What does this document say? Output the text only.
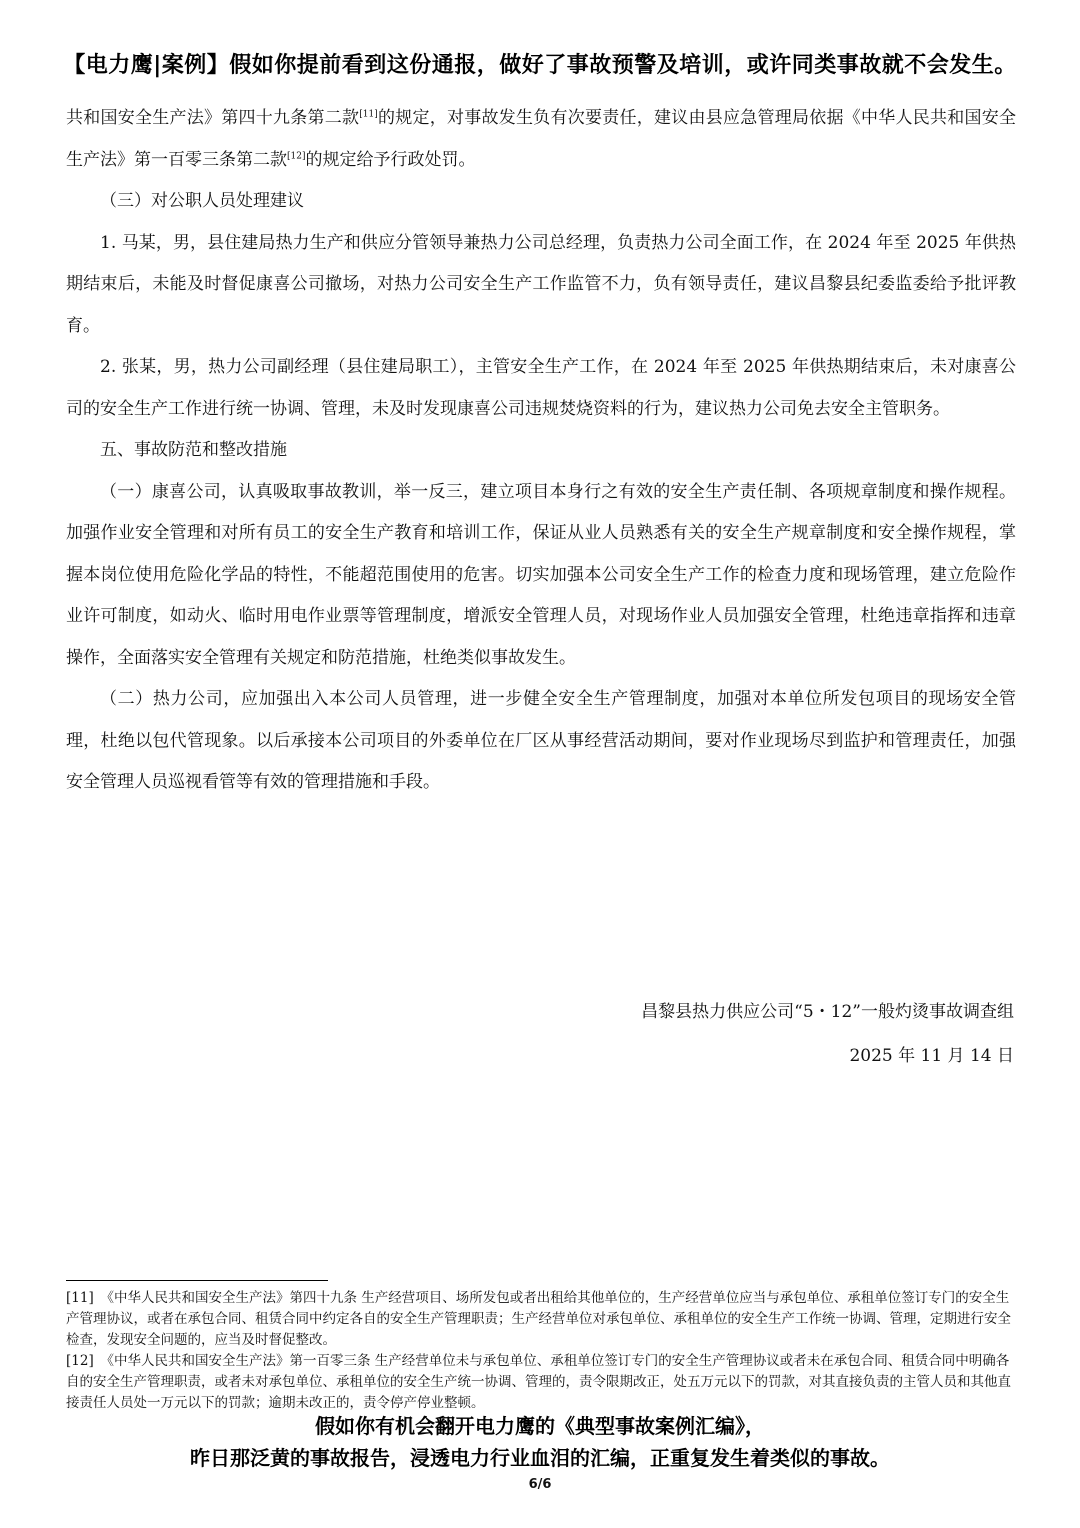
【电力鹰|案例】假如你提前看到这份通报，做好了事故预警及培训，或许同类事故就不会发生。

共和国安全生产法》第四十九条第二款[11]的规定，对事故发生负有次要责任，建议由县应急管理局依据《中华人民共和国安全生产法》第一百零三条第二款[12]的规定给予行政处罚。

（三）对公职人员处理建议

1. 马某，男，县住建局热力生产和供应分管领导兼热力公司总经理，负责热力公司全面工作，在 2024 年至 2025 年供热期结束后，未能及时督促康喜公司撤场，对热力公司安全生产工作监管不力，负有领导责任，建议昌黎县纪委监委给予批评教育。

2. 张某，男，热力公司副经理（县住建局职工），主管安全生产工作，在 2024 年至 2025 年供热期结束后，未对康喜公司的安全生产工作进行统一协调、管理，未及时发现康喜公司违规焚烧资料的行为，建议热力公司免去安全主管职务。

五、事故防范和整改措施

（一）康喜公司，认真吸取事故教训，举一反三，建立项目本身行之有效的安全生产责任制、各项规章制度和操作规程。加强作业安全管理和对所有员工的安全生产教育和培训工作，保证从业人员熟悉有关的安全生产规章制度和安全操作规程，掌握本岗位使用危险化学品的特性，不能超范围使用的危害。切实加强本公司安全生产工作的检查力度和现场管理，建立危险作业许可制度，如动火、临时用电作业票等管理制度，增派安全管理人员，对现场作业人员加强安全管理，杜绝违章指挥和违章操作，全面落实安全管理有关规定和防范措施，杜绝类似事故发生。

（二）热力公司，应加强出入本公司人员管理，进一步健全安全生产管理制度，加强对本单位所发包项目的现场安全管理，杜绝以包代管现象。以后承接本公司项目的外委单位在厂区从事经营活动期间，要对作业现场尽到监护和管理责任，加强安全管理人员巡视看管等有效的管理措施和手段。

昌黎县热力供应公司“5・12”一般灼烫事故调查组
2025 年 11 月 14 日

[11]　《中华人民共和国安全生产法》第四十九条 生产经营项目、场所发包或者出租给其他单位的，生产经营单位应当与承包单位、承租单位签订专门的安全生产管理协议，或者在承包合同、租赁合同中约定各自的安全生产管理职责；生产经营单位对承包单位、承租单位的安全生产工作统一协调、管理，定期进行安全检查，发现安全问题的，应当及时督促整改。

[12]　《中华人民共和国安全生产法》第一百零三条 生产经营单位未与承包单位、承租单位签订专门的安全生产管理协议或者未在承包合同、租赁合同中明确各自的安全生产管理职责，或者未对承包单位、承租单位的安全生产统一协调、管理的，责令限期改正，处五万元以下的罚款，对其直接负责的主管人员和其他直接责任人员处一万元以下的罚款；逾期未改正的，责令停产停业整顿。

假如你有机会翻开电力鹰的《典型事故案例汇编》，
昨日那泛黄的事故报告，浸透电力行业血泪的汇编，正重复发生着类似的事故。
6/6
